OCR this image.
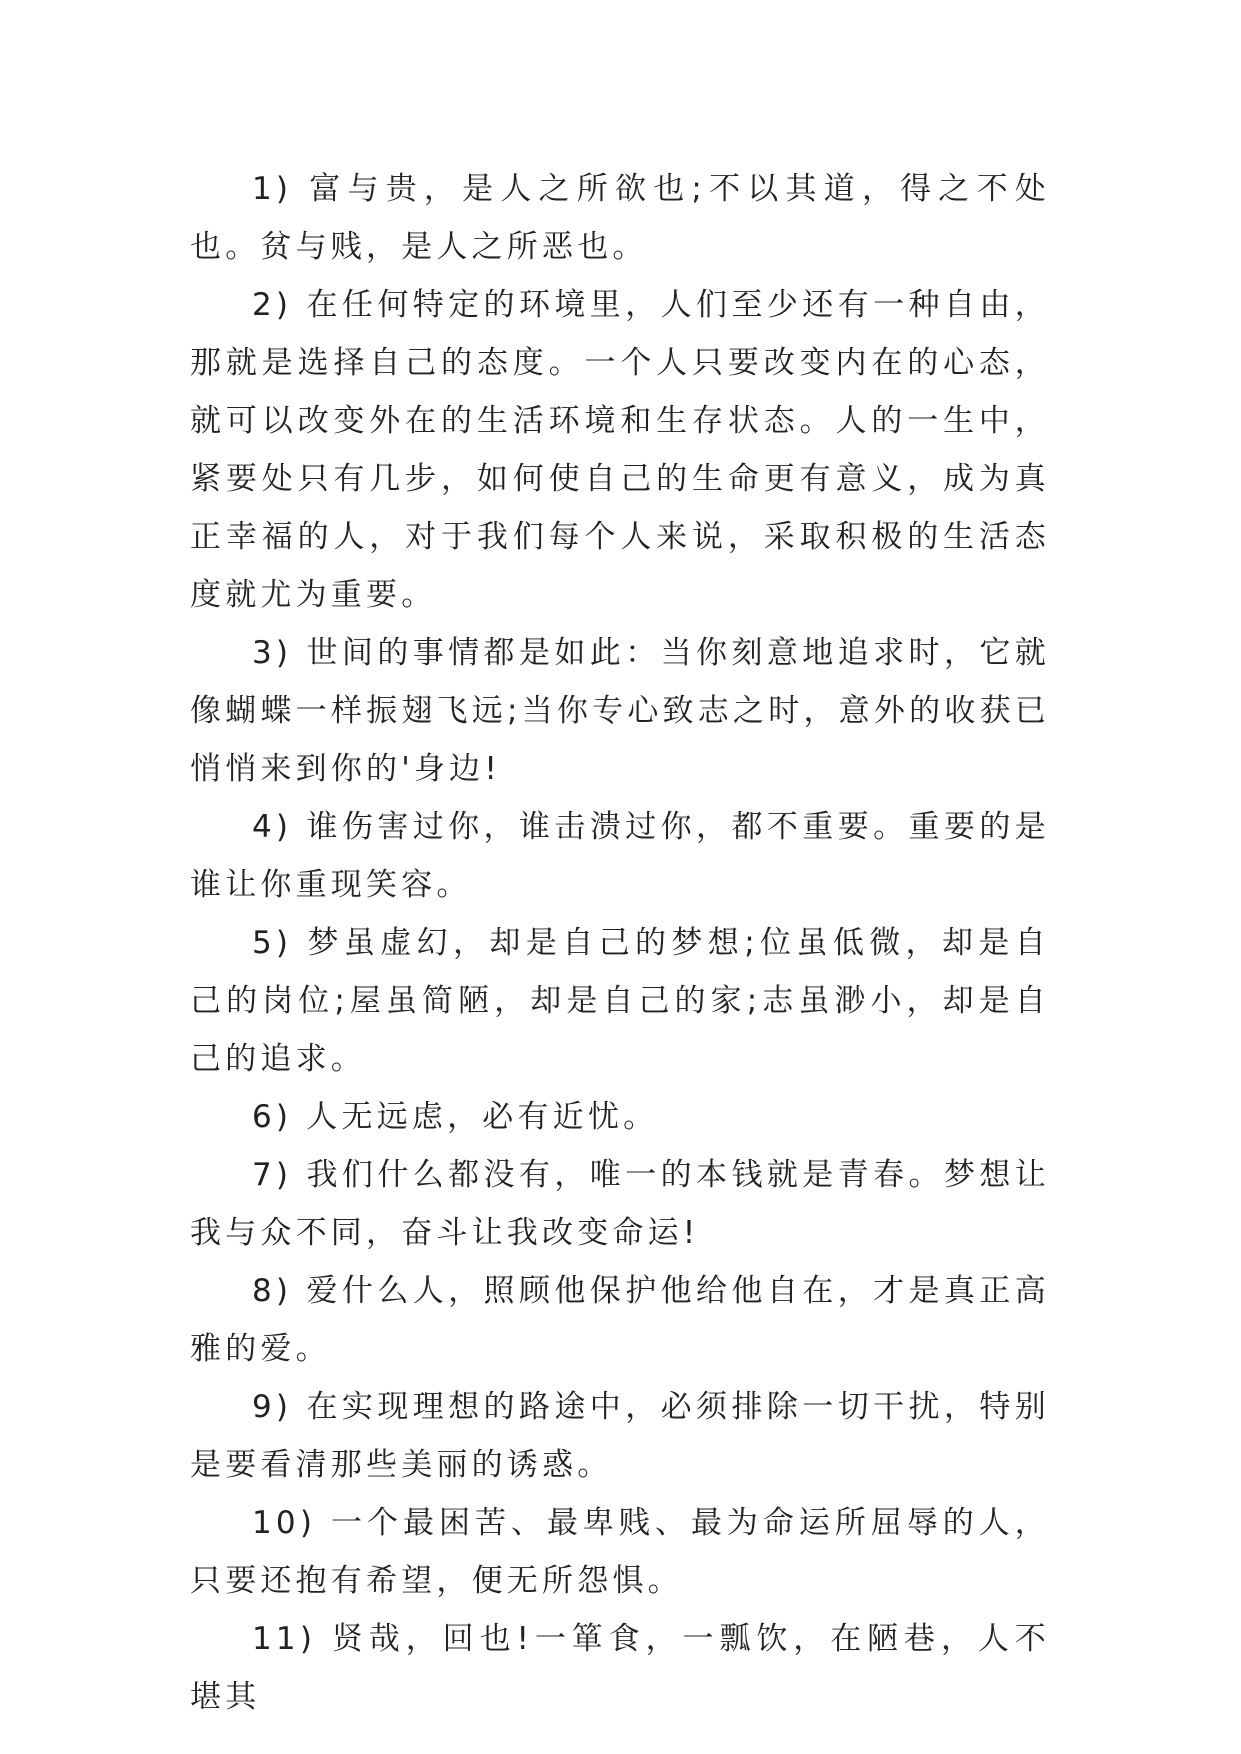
1) 富与贵，是人之所欲也;不以其道，得之不处也。贫与贱，是人之所恶也。

2) 在任何特定的环境里，人们至少还有一种自由，那就是选择自己的态度。一个人只要改变内在的心态，就可以改变外在的生活环境和生存状态。人的一生中，紧要处只有几步，如何使自己的生命更有意义，成为真正幸福的人，对于我们每个人来说，采取积极的生活态度就尤为重要。

3) 世间的事情都是如此：当你刻意地追求时，它就像蝴蝶一样振翅飞远;当你专心致志之时，意外的收获已悄悄来到你的'身边!

4) 谁伤害过你，谁击溃过你，都不重要。重要的是谁让你重现笑容。

5) 梦虽虚幻，却是自己的梦想;位虽低微，却是自己的岗位;屋虽简陋，却是自己的家;志虽渺小，却是自己的追求。

6) 人无远虑，必有近忧。

7) 我们什么都没有，唯一的本钱就是青春。梦想让我与众不同，奋斗让我改变命运!

8) 爱什么人，照顾他保护他给他自在，才是真正高雅的爱。

9) 在实现理想的路途中，必须排除一切干扰，特别是要看清那些美丽的诱惑。

10) 一个最困苦、最卑贱、最为命运所屈辱的人，只要还抱有希望，便无所怨惧。

11) 贤哉，回也!一箪食，一瓢饮，在陋巷，人不堪其
